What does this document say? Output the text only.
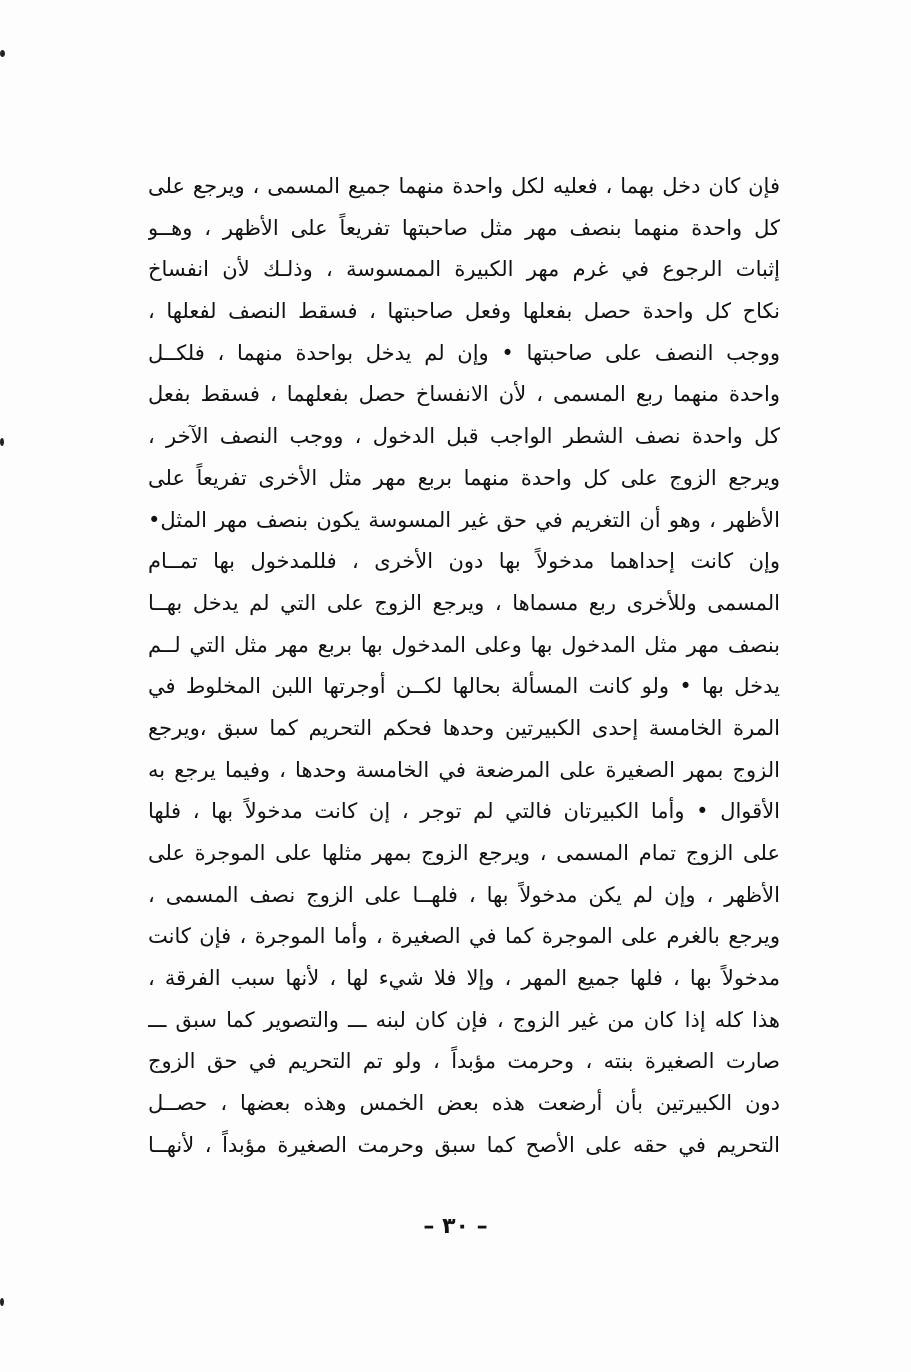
فإن كان دخل بهما ، فعليه لكل واحدة منهما جميع المسمى ، ويرجع على
كل واحدة منهما بنصف مهر مثل صاحبتها تفريعاً على الأظهر ، وهــو
إثبات الرجوع في غرم مهر الكبيرة الممسوسة ، وذلـك لأن انفساخ
نكاح كل واحدة حصل بفعلها وفعل صاحبتها ، فسقط النصف لفعلها ،
ووجب النصف على صاحبتها • وإن لم يدخل بواحدة منهما ، فلكــل
واحدة منهما ربع المسمى ، لأن الانفساخ حصل بفعلهما ، فسقط بفعل
كل واحدة نصف الشطر الواجب قبل الدخول ، ووجب النصف الآخر ،
ويرجع الزوج على كل واحدة منهما بربع مهر مثل الأخرى تفريعاً على
الأظهر ، وهو أن التغريم في حق غير المسوسة يكون بنصف مهر المثل•
وإن كانت إحداهما مدخولاً بها دون الأخرى ، فللمدخول بها تمــام
المسمى وللأخرى ربع مسماها ، ويرجع الزوج على التي لم يدخل بهــا
بنصف مهر مثل المدخول بها وعلى المدخول بها بربع مهر مثل التي لــم
يدخل بها • ولو كانت المسألة بحالها لكــن أوجرتها اللبن المخلوط في
المرة الخامسة إحدى الكبيرتين وحدها فحكم التحريم كما سبق ،ويرجع
الزوج بمهر الصغيرة على المرضعة في الخامسة وحدها ، وفيما يرجع به
الأقوال • وأما الكبيرتان فالتي لم توجر ، إن كانت مدخولاً بها ، فلها
على الزوج تمام المسمى ، ويرجع الزوج بمهر مثلها على الموجرة على
الأظهر ، وإن لم يكن مدخولاً بها ، فلهــا على الزوج نصف المسمى ،
ويرجع بالغرم على الموجرة كما في الصغيرة ، وأما الموجرة ، فإن كانت
مدخولاً بها ، فلها جميع المهر ، وإلا فلا شيء لها ، لأنها سبب الفرقة ،
هذا كله إذا كان من غير الزوج ، فإن كان لبنه ـــ والتصوير كما سبق ـــ
صارت الصغيرة بنته ، وحرمت مؤبداً ، ولو تم التحريم في حق الزوج
دون الكبيرتين بأن أرضعت هذه بعض الخمس وهذه بعضها ، حصــل
التحريم في حقه على الأصح كما سبق وحرمت الصغيرة مؤبداً ، لأنهــا
– ٣٠ –
